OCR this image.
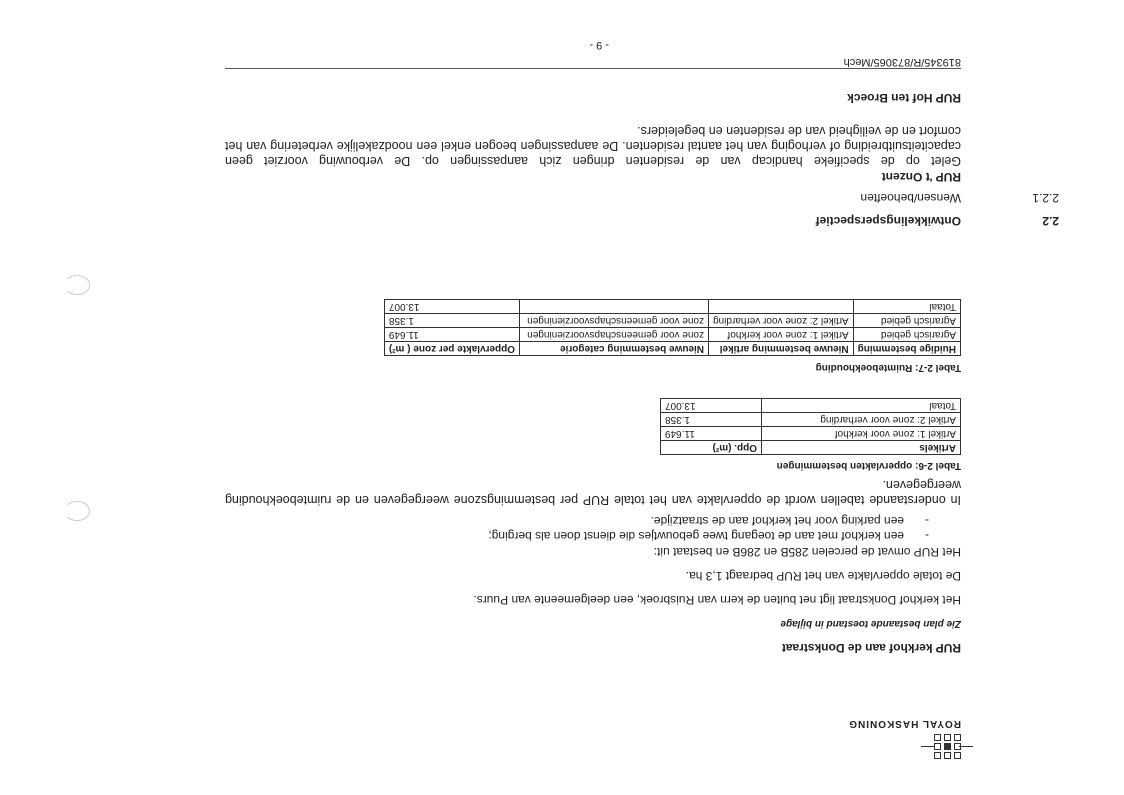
ROYAL HASKONING
RUP kerkhof aan de Donkstraat
Zie plan bestaande toestand in bijlage
Het kerkhof Donkstraat ligt net buiten de kern van Ruisbroek, een deelgemeente van Puurs.
De totale oppervlakte van het RUP bedraagt 1,3 ha.
Het RUP omvat de percelen 285B en 286B en bestaat uit:
-
een kerkhof met aan de toegang twee gebouwtjes die dienst doen als berging;
-
een parking voor het kerkhof aan de straatzijde.

In onderstaande tabellen wordt de oppervlakte van het totale RUP per bestemmingszone weergegeven en de ruimteboekhouding weergegeven.

Tabel 2-6: oppervlakten bestemmingen
Artikels	Opp. (m²)
Artikel 1: zone voor kerkhof	11.649
Artikel 2: zone voor verharding	1.358
Totaal	13.007
Tabel 2-7: Ruimteboekhouding
Huidige bestemming	Nieuwe bestemming artikel	Nieuwe bestemming categorie	Oppervlakte per zone ( m²)
Agrarisch gebied	Artikel 1: zone voor kerkhof	zone voor gemeenschapsvoorzieningen	11.649
Agrarisch gebied	Artikel 2: zone voor verharding	zone voor gemeenschapsvoorzieningen	1.358
Totaal			13.007
2.2
Ontwikkelingsperspectief
2.2.1
Wensen/behoeften
RUP 't Onzent

Gelet op de specifieke handicap van de residenten dringen zich aanpassingen op. De verbouwing voorziet geen capaciteitsuitbreiding of verhoging van het aantal residenten. De aanpassingen beogen enkel een noodzakelijke verbetering van het comfort en de veiligheid van de residenten en begeleiders.

RUP Hof ten Broeck
819345/R/873065/Mech
- 9 -
